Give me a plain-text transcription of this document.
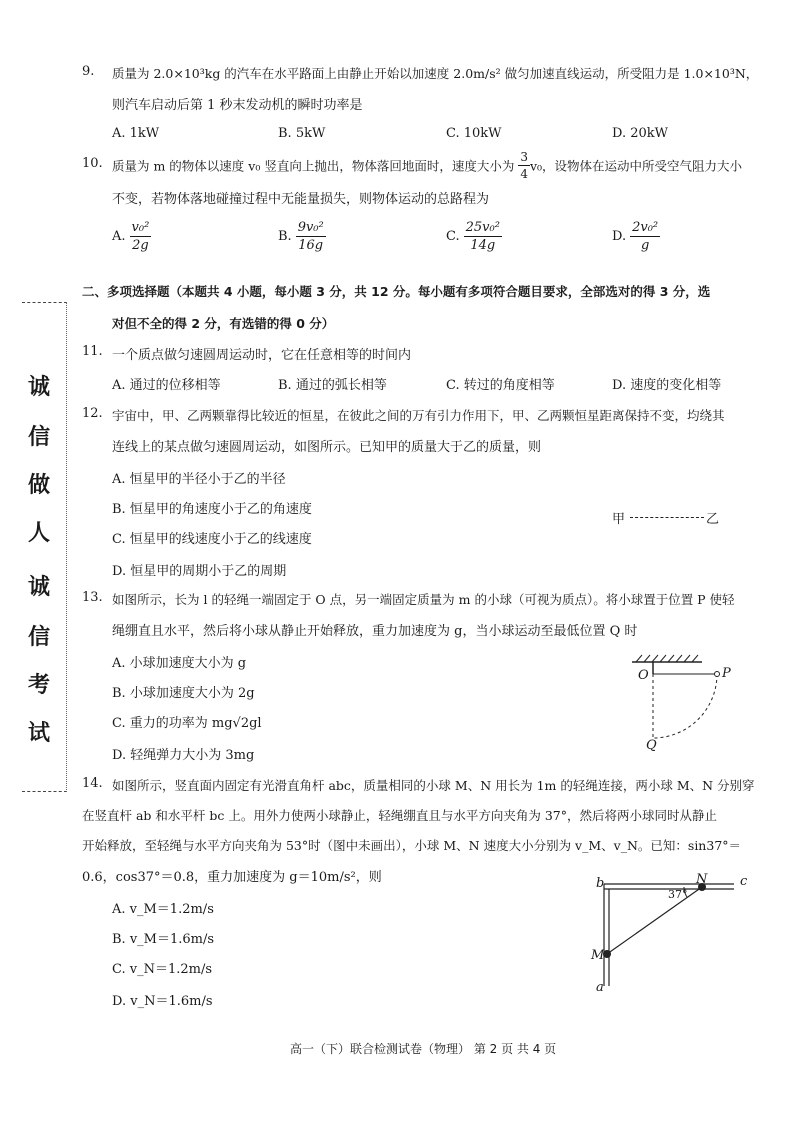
诚
信
做
人
诚
信
考
试
9. 质量为 2.0×10³kg 的汽车在水平路面上由静止开始以加速度 2.0m/s² 做匀加速直线运动，所受阻力是 1.0×10³N，
则汽车启动后第 1 秒末发动机的瞬时功率是
A. 1kW	B. 5kW	C. 10kW	D. 20kW
10. 质量为 m 的物体以速度 v₀ 竖直向上抛出，物体落回地面时，速度大小为 $\frac{3}{4} v_0$，设物体在运动中所受空气阻力大小
不变，若物体落地碰撞过程中无能量损失，则物体运动的总路程为
A. $\frac{\text{v₀²}}{2g}$	B. $\frac{\text{9v₀²}}{16g}$	C. $\frac{\text{25v₀²}}{14g}$	D. $\frac{\text{2v₀²}}{g}$
二、多项选择题（本题共 4 小题，每小题 3 分，共 12 分。每小题有多项符合题目要求，全部选对的得 3 分，选
对但不全的得 2 分，有选错的得 0 分）
11. 一个质点做匀速圆周运动时，它在任意相等的时间内
A. 通过的位移相等	B. 通过的弧长相等	C. 转过的角度相等	D. 速度的变化相等
12. 宇宙中，甲、乙两颗靠得比较近的恒星，在彼此之间的万有引力作用下，甲、乙两颗恒星距离保持不变，均绕其
连线上的某点做匀速圆周运动，如图所示。已知甲的质量大于乙的质量，则
A. 恒星甲的半径小于乙的半径
B. 恒星甲的角速度小于乙的角速度
C. 恒星甲的线速度小于乙的线速度
D. 恒星甲的周期小于乙的周期
甲	乙
13. 如图所示，长为 l 的轻绳一端固定于 O 点，另一端固定质量为 m 的小球（可视为质点）。将小球置于位置 P 使轻
绳绷直且水平，然后将小球从静止开始释放，重力加速度为 g，当小球运动至最低位置 Q 时
A. 小球加速度大小为 g
B. 小球加速度大小为 2g
C. 重力的功率为 mg√2gl
D. 轻绳弹力大小为 3mg
O	P
Q
14. 如图所示，竖直面内固定有光滑直角杆 abc，质量相同的小球 M、N 用长为 1m 的轻绳连接，两小球 M、N 分别穿
在竖直杆 ab 和水平杆 bc 上。用外力使两小球静止，轻绳绷直且与水平方向夹角为 37°，然后将两小球同时从静止
开始释放，至轻绳与水平方向夹角为 53°时（图中未画出），小球 M、N 速度大小分别为 v_M、v_N。已知：sin37°＝
0.6，cos37°＝0.8，重力加速度为 g＝10m/s²，则
A. v_M＝1.2m/s
B. v_M＝1.6m/s
C. v_N＝1.2m/s
D. v_N＝1.6m/s
b	c
N
M
a
37°
高一（下）联合检测试卷（物理） 第 2 页 共 4 页
